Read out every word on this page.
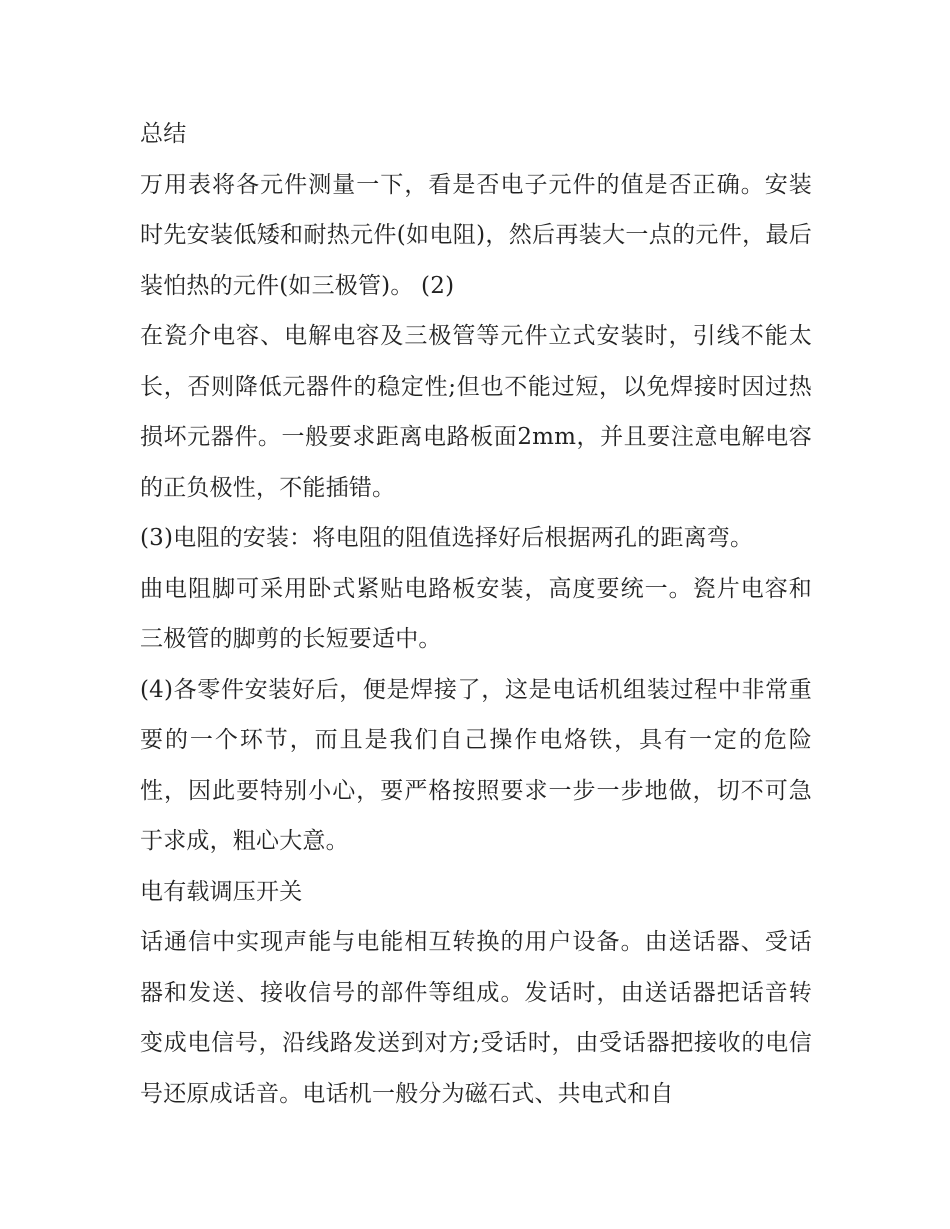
总结

万用表将各元件测量一下，看是否电子元件的值是否正确。安装时先安装低矮和耐热元件(如电阻)，然后再装大一点的元件，最后装怕热的元件(如三极管)。 (2)

在瓷介电容、电解电容及三极管等元件立式安装时，引线不能太长，否则降低元器件的稳定性;但也不能过短，以免焊接时因过热损坏元器件。一般要求距离电路板面2mm，并且要注意电解电容的正负极性，不能插错。

(3)电阻的安装：将电阻的阻值选择好后根据两孔的距离弯。

曲电阻脚可采用卧式紧贴电路板安装，高度要统一。瓷片电容和三极管的脚剪的长短要适中。

(4)各零件安装好后，便是焊接了，这是电话机组装过程中非常重要的一个环节，而且是我们自己操作电烙铁，具有一定的危险性，因此要特别小心，要严格按照要求一步一步地做，切不可急于求成，粗心大意。

电有载调压开关

话通信中实现声能与电能相互转换的用户设备。由送话器、受话器和发送、接收信号的部件等组成。发话时，由送话器把话音转变成电信号，沿线路发送到对方;受话时，由受话器把接收的电信号还原成话音。电话机一般分为磁石式、共电式和自
